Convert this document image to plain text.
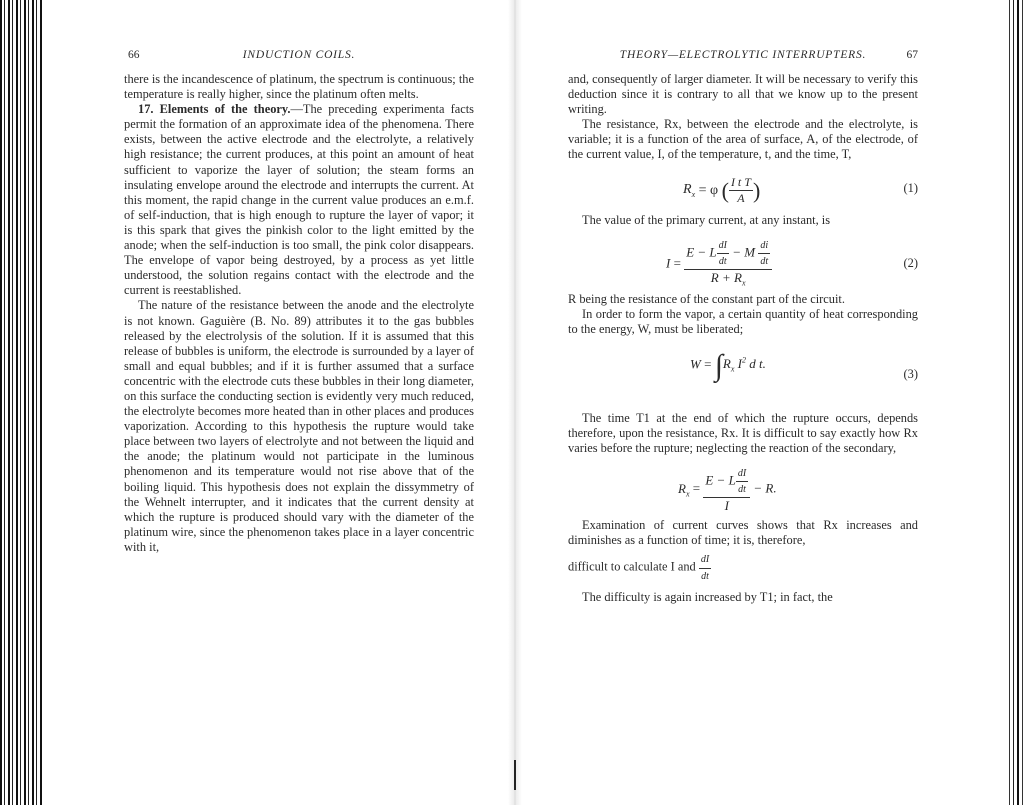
66	INDUCTION COILS.

there is the incandescence of platinum, the spectrum is continuous; the temperature is really higher, since the platinum often melts.

17. Elements of the theory.—The preceding experimenta facts permit the formation of an approximate idea of the phenomena. There exists, between the active electrode and the electrolyte, a relatively high resistance; the current produces, at this point an amount of heat sufficient to vaporize the layer of solution; the steam forms an insulating envelope around the electrode and interrupts the current. At this moment, the rapid change in the current value produces an e.m.f. of self-induction, that is high enough to rupture the layer of vapor; it is this spark that gives the pinkish color to the light emitted by the anode; when the self-induction is too small, the pink color disappears. The envelope of vapor being destroyed, by a process as yet little understood, the solution regains contact with the electrode and the current is reestablished.

The nature of the resistance between the anode and the electrolyte is not known. Gaguière (B. No. 89) attributes it to the gas bubbles released by the electrolysis of the solution. If it is assumed that this release of bubbles is uniform, the electrode is surrounded by a layer of small and equal bubbles; and if it is further assumed that a surface concentric with the electrode cuts these bubbles in their long diameter, on this surface the conducting section is evidently very much reduced, the electrolyte becomes more heated than in other places and produces vaporization. According to this hypothesis the rupture would take place between two layers of electrolyte and not between the liquid and the anode; the platinum would not participate in the luminous phenomenon and its temperature would not rise above that of the boiling liquid. This hypothesis does not explain the dissymmetry of the Wehnelt interrupter, and it indicates that the current density at which the rupture is produced should vary with the diameter of the platinum wire, since the phenomenon takes place in a layer concentric with it,

THEORY—ELECTROLYTIC INTERRUPTERS.	67

and, consequently of larger diameter. It will be necessary to verify this deduction since it is contrary to all that we know up to the present writing.

The resistance, Rx, between the electrode and the electrolyte, is variable; it is a function of the area of surface, A, of the electrode, of the current value, I, of the temperature, t, and the time, T,

$R_x = \varphi$ ( $\frac{\text{I t T}}{A}$ )	(1)

The value of the primary current, at any instant, is

$I = \frac{E - L \frac{dI}{dt} - M \frac{di}{dt}}{R + R_x}$	(2)

R being the resistance of the constant part of the circuit.

In order to form the vapor, a certain quantity of heat corresponding to the energy, W, must be liberated;

$W = \int R_x$ $I^2$ d t.
(3)

The time T1 at the end of which the rupture occurs, depends therefore, upon the resistance, Rx. It is difficult to say exactly how Rx varies before the rupture; neglecting the reaction of the secondary,

$R_x = \frac{E - L \frac{dI}{dt}}{I} - R$.

Examination of current curves shows that Rx increases and diminishes as a function of time; it is, therefore,

difficult to calculate I and $\frac{dI}{dt}$

The difficulty is again increased by T1; in fact, the
